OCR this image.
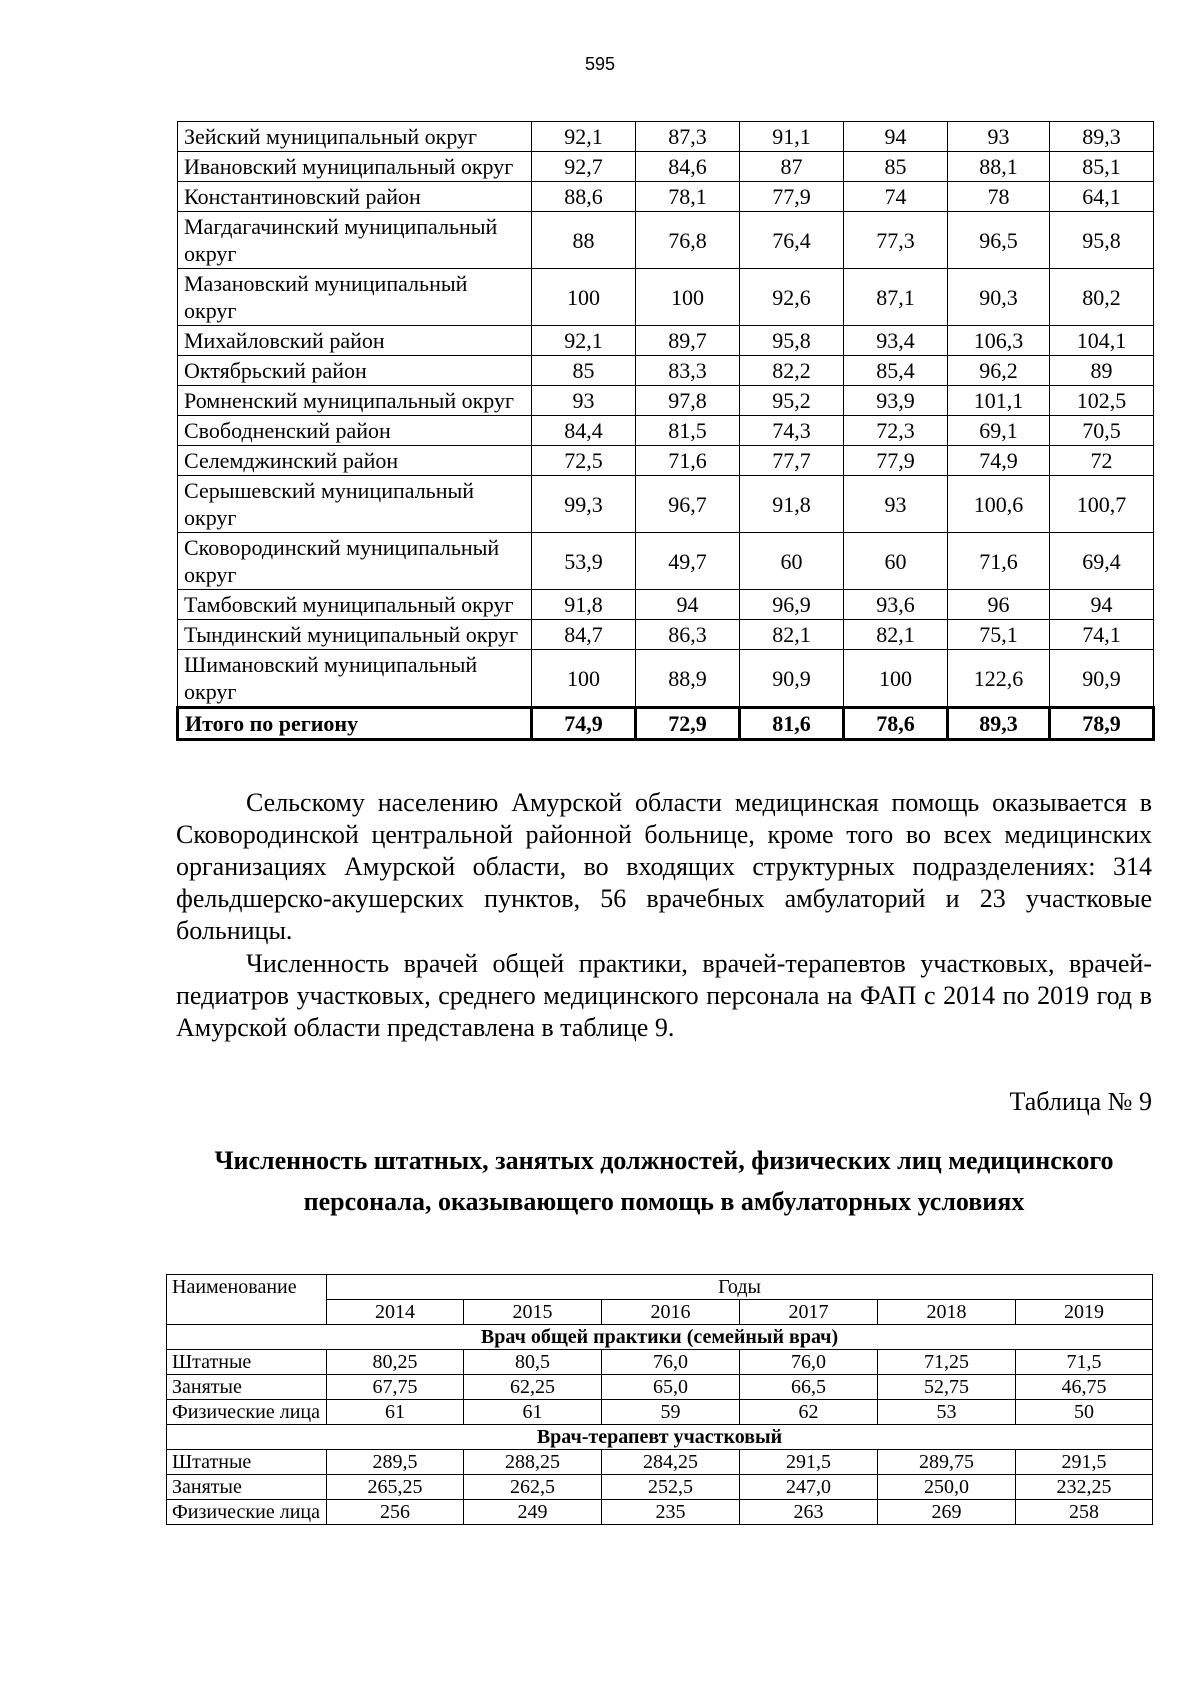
595
Зейский муниципальный округ	92,1	87,3	91,1	94	93	89,3
Ивановский муниципальный округ	92,7	84,6	87	85	88,1	85,1
Константиновский район	88,6	78,1	77,9	74	78	64,1
Магдагачинский муниципальный округ	88	76,8	76,4	77,3	96,5	95,8
Мазановский муниципальный округ	100	100	92,6	87,1	90,3	80,2
Михайловский район	92,1	89,7	95,8	93,4	106,3	104,1
Октябрьский район	85	83,3	82,2	85,4	96,2	89
Ромненский муниципальный округ	93	97,8	95,2	93,9	101,1	102,5
Свободненский район	84,4	81,5	74,3	72,3	69,1	70,5
Селемджинский район	72,5	71,6	77,7	77,9	74,9	72
Серышевский муниципальный округ	99,3	96,7	91,8	93	100,6	100,7
Сковородинский муниципальный округ	53,9	49,7	60	60	71,6	69,4
Тамбовский муниципальный округ	91,8	94	96,9	93,6	96	94
Тындинский муниципальный округ	84,7	86,3	82,1	82,1	75,1	74,1
Шимановский муниципальный округ	100	88,9	90,9	100	122,6	90,9
Итого по региону	74,9	72,9	81,6	78,6	89,3	78,9

Сельскому населению Амурской области медицинская помощь оказывается в Сковородинской центральной районной больнице, кроме того во всех медицинских организациях Амурской области, во входящих структурных подразделениях: 314 фельдшерско-акушерских пунктов, 56 врачебных амбулаторий и 23 участковые больницы.

Численность врачей общей практики, врачей-терапевтов участковых, врачей-педиатров участковых, среднего медицинского персонала на ФАП с 2014 по 2019 год в Амурской области представлена в таблице 9.

Таблица № 9

Численность штатных, занятых должностей, физических лиц медицинского персонала, оказывающего помощь в амбулаторных условиях

Наименование	Годы					
	2014	2015	2016	2017	2018	2019
Врач общей практики (семейный врач)						
Штатные	80,25	80,5	76,0	76,0	71,25	71,5
Занятые	67,75	62,25	65,0	66,5	52,75	46,75
Физические лица	61	61	59	62	53	50
Врач-терапевт участковый						
Штатные	289,5	288,25	284,25	291,5	289,75	291,5
Занятые	265,25	262,5	252,5	247,0	250,0	232,25
Физические лица	256	249	235	263	269	258
